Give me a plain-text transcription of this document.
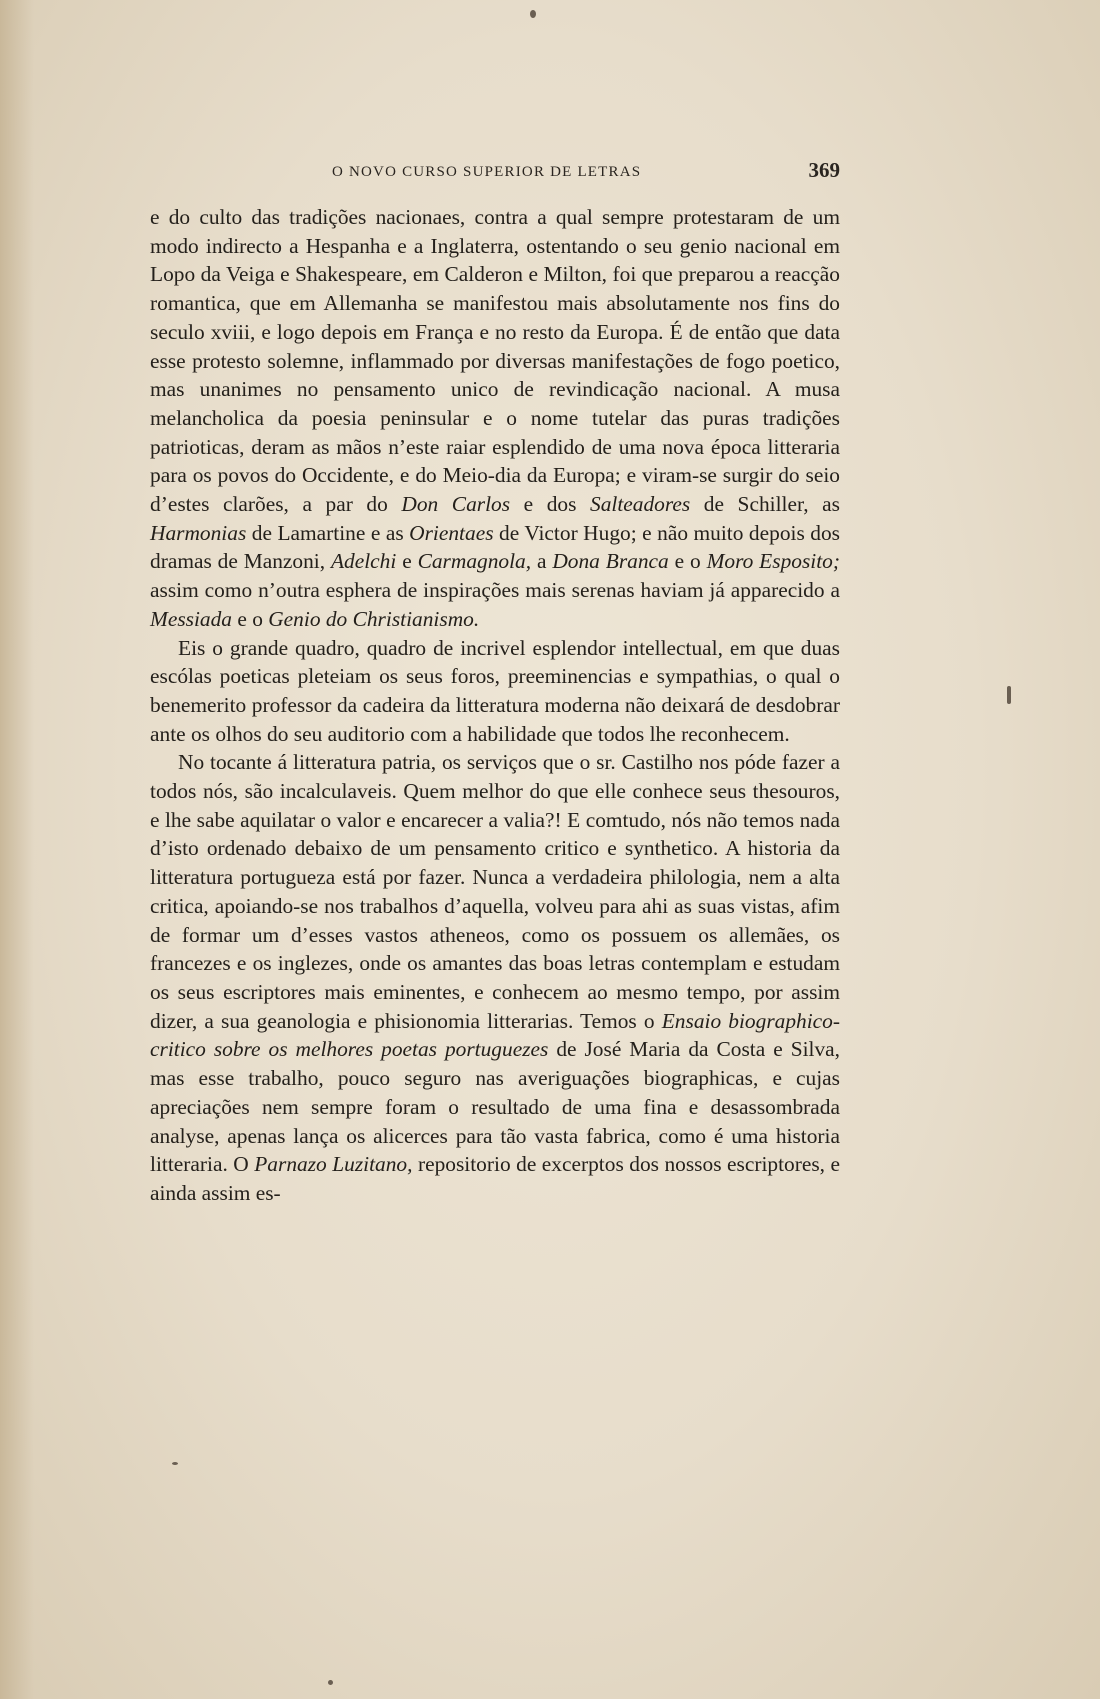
O NOVO CURSO SUPERIOR DE LETRAS	369

e do culto das tradições nacionaes, contra a qual sempre protestaram de um modo indirecto a Hespanha e a Inglaterra, ostentando o seu genio nacional em Lopo da Veiga e Shakespeare, em Calderon e Milton, foi que preparou a reacção romantica, que em Allemanha se manifestou mais absolutamente nos fins do seculo xviii, e logo depois em França e no resto da Europa. É de então que data esse protesto solemne, inflammado por diversas manifestações de fogo poetico, mas unanimes no pensamento unico de revindicação nacional. A musa melancholica da poesia peninsular e o nome tutelar das puras tradições patrioticas, deram as mãos n’este raiar esplendido de uma nova época litteraria para os povos do Occidente, e do Meio-dia da Europa; e viram-se surgir do seio d’estes clarões, a par do Don Carlos e dos Salteadores de Schiller, as Harmonias de Lamartine e as Orientaes de Victor Hugo; e não muito depois dos dramas de Manzoni, Adelchi e Carmagnola, a Dona Branca e o Moro Esposito; assim como n’outra esphera de inspirações mais serenas haviam já apparecido a Messiada e o Genio do Christianismo.

Eis o grande quadro, quadro de incrivel esplendor intellectual, em que duas escólas poeticas pleteiam os seus foros, preeminencias e sympathias, o qual o benemerito professor da cadeira da litteratura moderna não deixará de desdobrar ante os olhos do seu auditorio com a habilidade que todos lhe reconhecem.

No tocante á litteratura patria, os serviços que o sr. Castilho nos póde fazer a todos nós, são incalculaveis. Quem melhor do que elle conhece seus thesouros, e lhe sabe aquilatar o valor e encarecer a valia?! E comtudo, nós não temos nada d’isto ordenado debaixo de um pensamento critico e synthetico. A historia da litteratura portugueza está por fazer. Nunca a verdadeira philologia, nem a alta critica, apoiando-se nos trabalhos d’aquella, volveu para ahi as suas vistas, afim de formar um d’esses vastos atheneos, como os possuem os allemães, os francezes e os inglezes, onde os amantes das boas letras contemplam e estudam os seus escriptores mais eminentes, e conhecem ao mesmo tempo, por assim dizer, a sua geanologia e phisionomia litterarias. Temos o Ensaio biographico-critico sobre os melhores poetas portuguezes de José Maria da Costa e Silva, mas esse trabalho, pouco seguro nas averiguações biographicas, e cujas apreciações nem sempre foram o resultado de uma fina e desassombrada analyse, apenas lança os alicerces para tão vasta fabrica, como é uma historia litteraria. O Parnazo Luzitano, repositorio de excerptos dos nossos escriptores, e ainda assim es-
